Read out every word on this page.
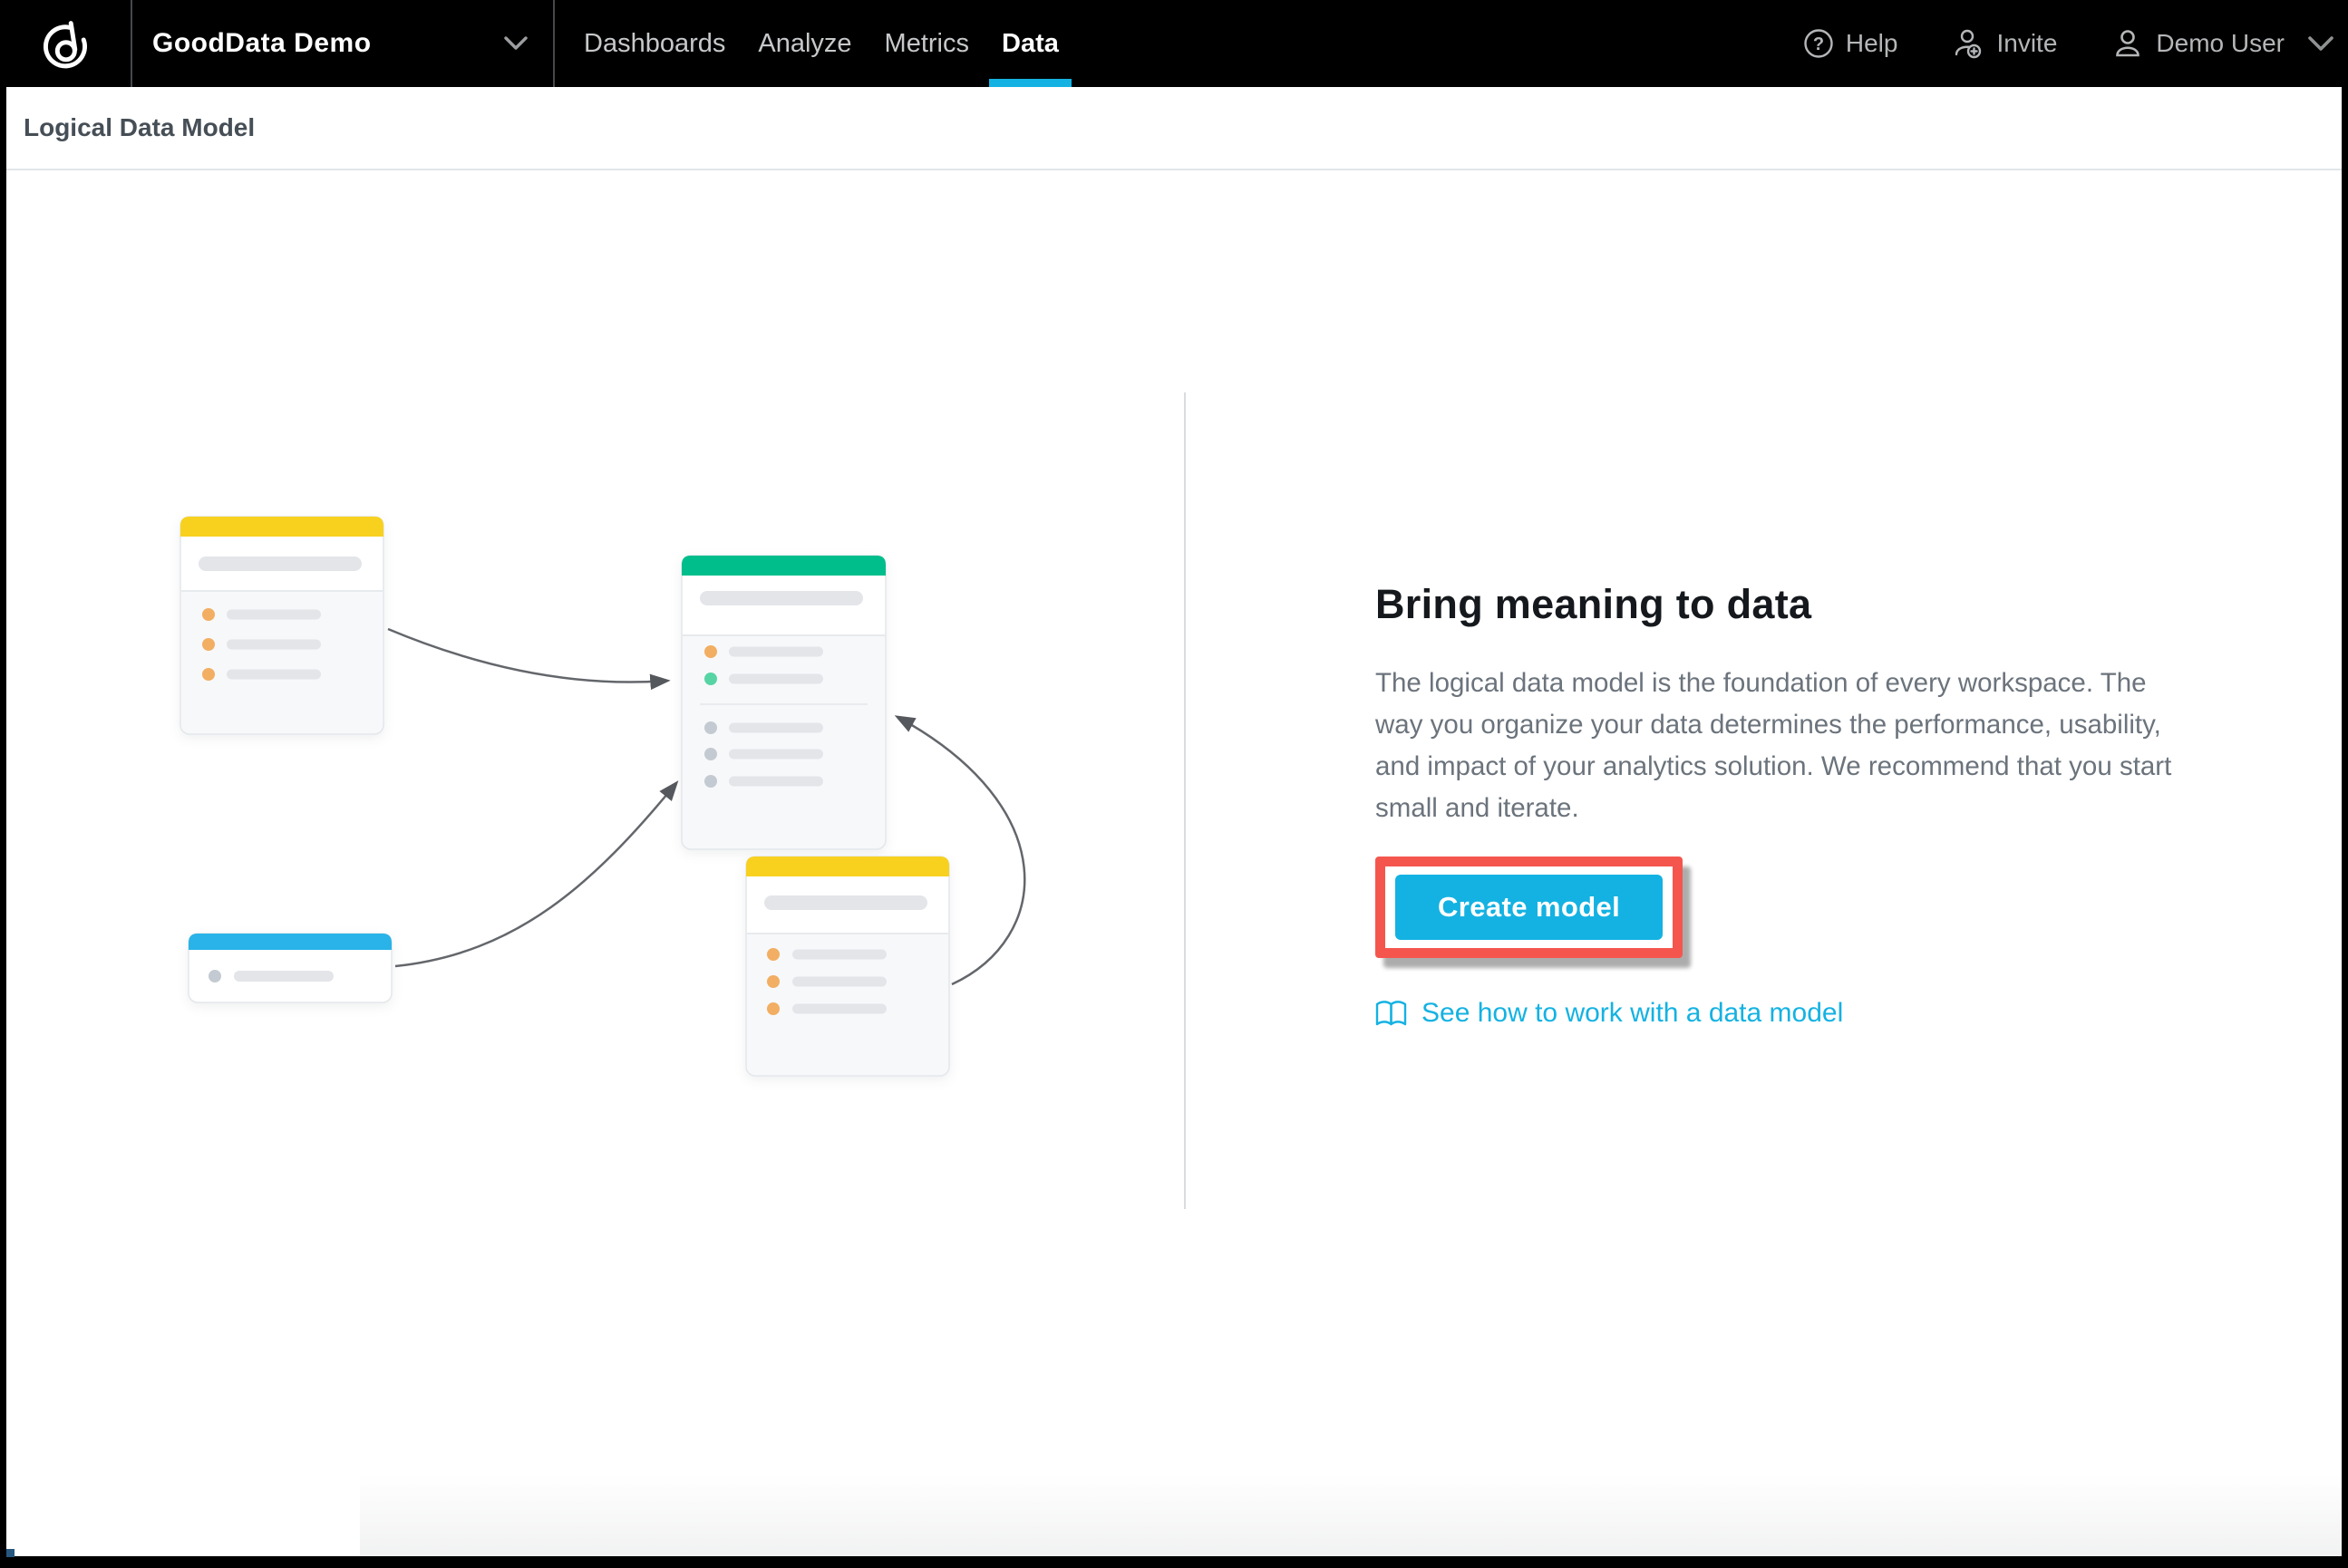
GoodData Demo	Dashboards Analyze Metrics Data	? Help	Invite	Demo User
Logical Data Model
Bring meaning to data

The logical data model is the foundation of every workspace. The way you organize your data determines the performance, usability, and impact of your analytics solution. We recommend that you start small and iterate.

Create model
See how to work with a data model
